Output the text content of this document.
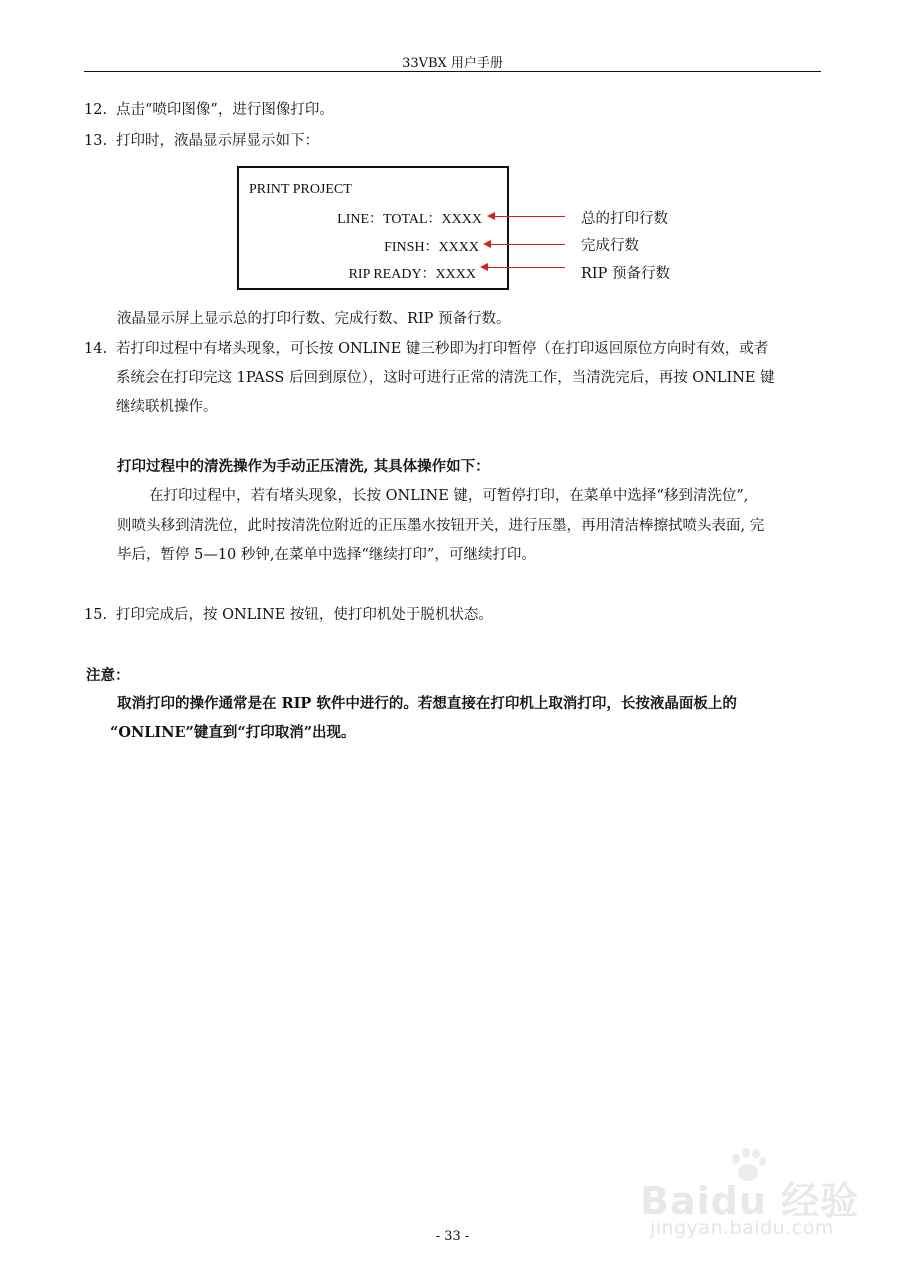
33VBX 用户手册
12. 点击“喷印图像”，进行图像打印。
13. 打印时，液晶显示屏显示如下：
PRINT PROJECT
LINE：TOTAL：XXXX
FINSH：XXXX
RIP READY：XXXX
总的打印行数
完成行数
RIP 预备行数
液晶显示屏上显示总的打印行数、完成行数、RIP 预备行数。
14. 若打印过程中有堵头现象，可长按 ONLINE 键三秒即为打印暂停（在打印返回原位方向时有效，或者
系统会在打印完这 1PASS 后回到原位），这时可进行正常的清洗工作，当清洗完后，再按 ONLINE 键
继续联机操作。
打印过程中的清洗操作为手动正压清洗, 其具体操作如下：
在打印过程中，若有堵头现象，长按 ONLINE 键，可暂停打印，在菜单中选择“移到清洗位”,
则喷头移到清洗位，此时按清洗位附近的正压墨水按钮开关，进行压墨，再用清洁棒擦拭喷头表面, 完
毕后，暂停 5—10 秒钟,在菜单中选择“继续打印”，可继续打印。
15. 打印完成后，按 ONLINE 按钮，使打印机处于脱机状态。
注意：
取消打印的操作通常是在 RIP 软件中进行的。若想直接在打印机上取消打印，长按液晶面板上的
“ONLINE”键直到“打印取消”出现。
Baidu 经验
jingyan.baidu.com
- 33 -
